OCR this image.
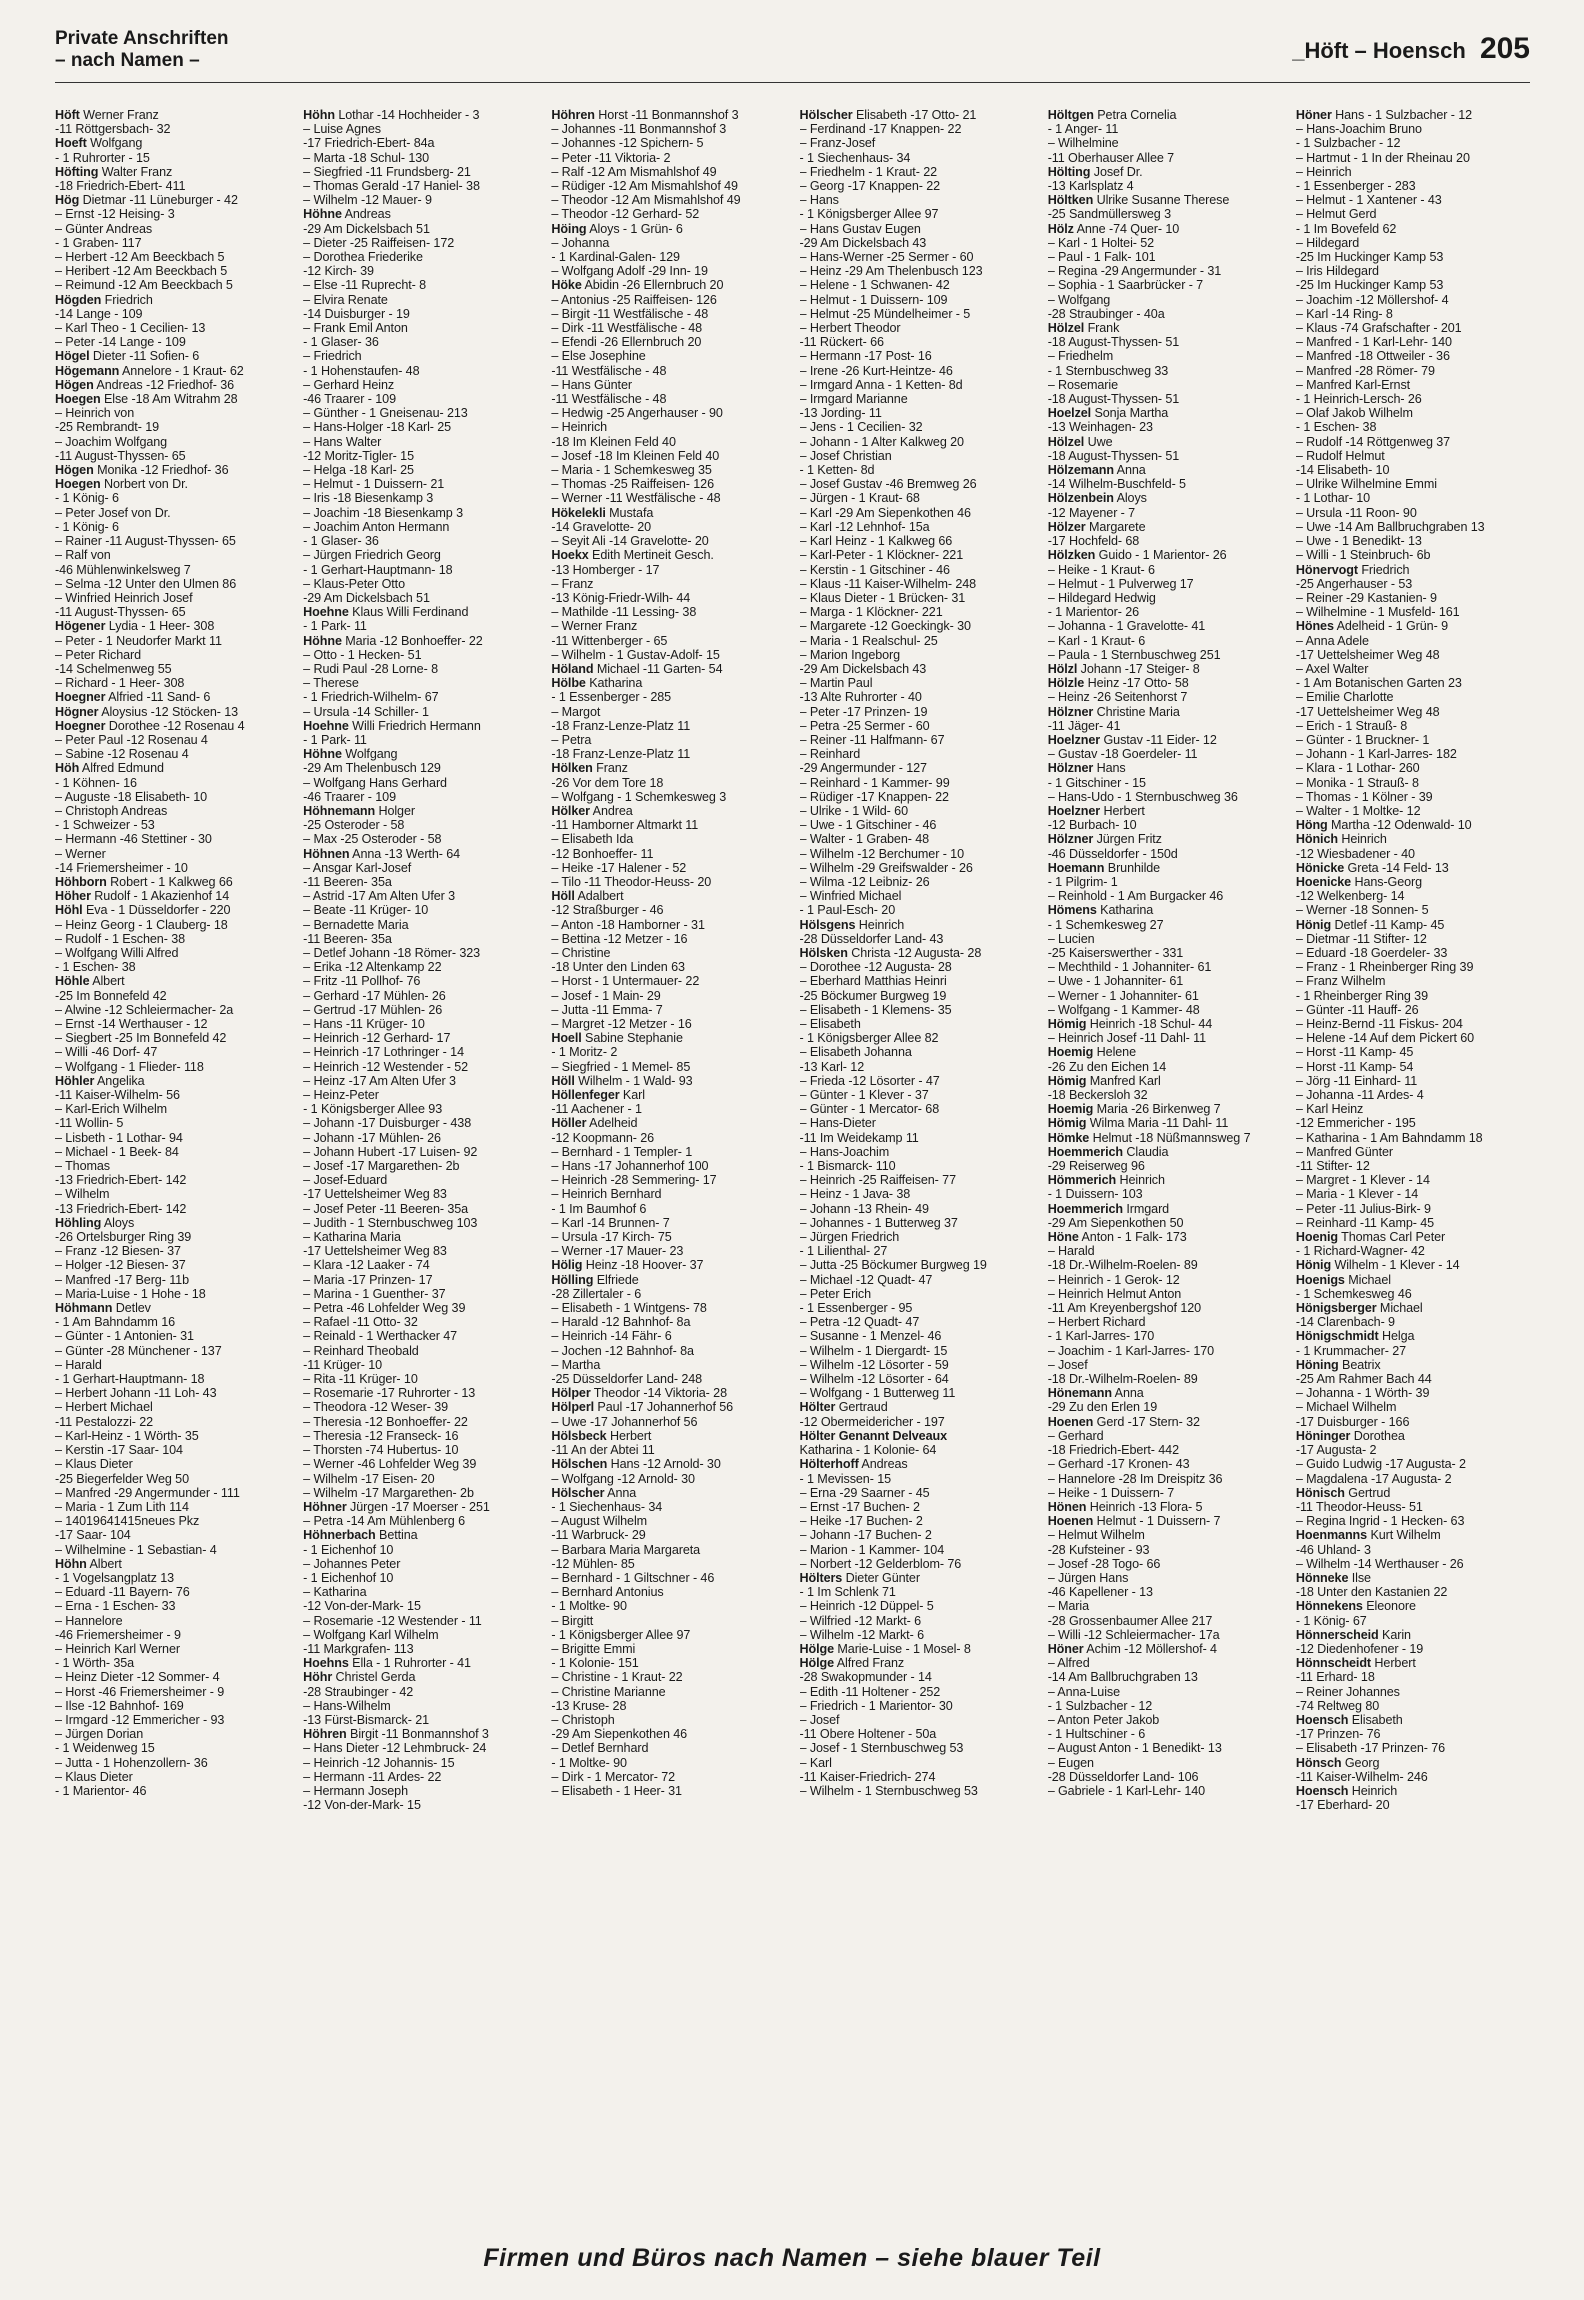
Private Anschriften
– nach Namen –	_Höft – Hoensch 205
Höft Werner Franz
-11 Röttgersbach- 32
Hoeft Wolfgang
- 1 Ruhrorter - 15
Höfting Walter Franz
-18 Friedrich-Ebert- 411
Hög Dietmar -11 Lüneburger - 42
– Ernst -12 Heising- 3
– Günter Andreas
- 1 Graben- 117
– Herbert -12 Am Beeckbach 5
– Heribert -12 Am Beeckbach 5
– Reimund -12 Am Beeckbach 5
Högden Friedrich
-14 Lange - 109
– Karl Theo - 1 Cecilien- 13
– Peter -14 Lange - 109
Högel Dieter -11 Sofien- 6
Högemann Annelore - 1 Kraut- 62
Högen Andreas -12 Friedhof- 36
Hoegen Else -18 Am Witrahm 28
– Heinrich von
-25 Rembrandt- 19
– Joachim Wolfgang
-11 August-Thyssen- 65
Högen Monika -12 Friedhof- 36
Hoegen Norbert von Dr.
- 1 König- 6
– Peter Josef von Dr.
- 1 König- 6
– Rainer -11 August-Thyssen- 65
– Ralf von
-46 Mühlenwinkelsweg 7
– Selma -12 Unter den Ulmen 86
– Winfried Heinrich Josef
-11 August-Thyssen- 65
Högener Lydia - 1 Heer- 308
– Peter - 1 Neudorfer Markt 11
– Peter Richard
-14 Schelmenweg 55
– Richard - 1 Heer- 308
Hoegner Alfried -11 Sand- 6
Högner Aloysius -12 Stöcken- 13
Hoegner Dorothee -12 Rosenau 4
– Peter Paul -12 Rosenau 4
– Sabine -12 Rosenau 4
Höh Alfred Edmund
- 1 Köhnen- 16
– Auguste -18 Elisabeth- 10
– Christoph Andreas
- 1 Schweizer - 53
– Hermann -46 Stettiner - 30
– Werner
-14 Friemersheimer - 10
Höhborn Robert - 1 Kalkweg 66
Höher Rudolf - 1 Akazienhof 14
Höhl Eva - 1 Düsseldorfer - 220
– Heinz Georg - 1 Clauberg- 18
– Rudolf - 1 Eschen- 38
– Wolfgang Willi Alfred
- 1 Eschen- 38
Höhle Albert
-25 Im Bonnefeld 42
– Alwine -12 Schleiermacher- 2a
– Ernst -14 Werthauser - 12
– Siegbert -25 Im Bonnefeld 42
– Willi -46 Dorf- 47
– Wolfgang - 1 Flieder- 118
Höhler Angelika
-11 Kaiser-Wilhelm- 56
– Karl-Erich Wilhelm
-11 Wollin- 5
– Lisbeth - 1 Lothar- 94
– Michael - 1 Beek- 84
– Thomas
-13 Friedrich-Ebert- 142
– Wilhelm
-13 Friedrich-Ebert- 142
Höhling Aloys
-26 Ortelsburger Ring 39
– Franz -12 Biesen- 37
– Holger -12 Biesen- 37
– Manfred -17 Berg- 11b
– Maria-Luise - 1 Hohe - 18
Höhmann Detlev
- 1 Am Bahndamm 16
– Günter - 1 Antonien- 31
– Günter -28 Münchener - 137
– Harald
- 1 Gerhart-Hauptmann- 18
– Herbert Johann -11 Loh- 43
– Herbert Michael
-11 Pestalozzi- 22
– Karl-Heinz - 1 Wörth- 35
– Kerstin -17 Saar- 104
– Klaus Dieter
-25 Biegerfelder Weg 50
– Manfred -29 Angermunder - 111
– Maria - 1 Zum Lith 114
– 14019641415neues Pkz
-17 Saar- 104
– Wilhelmine - 1 Sebastian- 4
Höhn Albert
- 1 Vogelsangplatz 13
– Eduard -11 Bayern- 76
– Erna - 1 Eschen- 33
– Hannelore
-46 Friemersheimer - 9
– Heinrich Karl Werner
- 1 Wörth- 35a
– Heinz Dieter -12 Sommer- 4
– Horst -46 Friemersheimer - 9
– Ilse -12 Bahnhof- 169
– Irmgard -12 Emmericher - 93
– Jürgen Dorian
- 1 Weidenweg 15
– Jutta - 1 Hohenzollern- 36
– Klaus Dieter
- 1 Marientor- 46
Höhn Lothar -14 Hochheider - 3
– Luise Agnes
-17 Friedrich-Ebert- 84a
– Marta -18 Schul- 130
– Siegfried -11 Frundsberg- 21
– Thomas Gerald -17 Haniel- 38
– Wilhelm -12 Mauer- 9
Höhne Andreas
-29 Am Dickelsbach 51
– Dieter -25 Raiffeisen- 172
– Dorothea Friederike
-12 Kirch- 39
– Else -11 Ruprecht- 8
– Elvira Renate
-14 Duisburger - 19
– Frank Emil Anton
- 1 Glaser- 36
– Friedrich
- 1 Hohenstaufen- 48
– Gerhard Heinz
-46 Traarer - 109
– Günther - 1 Gneisenau- 213
– Hans-Holger -18 Karl- 25
– Hans Walter
-12 Moritz-Tigler- 15
– Helga -18 Karl- 25
– Helmut - 1 Duissern- 21
– Iris -18 Biesenkamp 3
– Joachim -18 Biesenkamp 3
– Joachim Anton Hermann
- 1 Glaser- 36
– Jürgen Friedrich Georg
- 1 Gerhart-Hauptmann- 18
– Klaus-Peter Otto
-29 Am Dickelsbach 51
Hoehne Klaus Willi Ferdinand
- 1 Park- 11
Höhne Maria -12 Bonhoeffer- 22
– Otto - 1 Hecken- 51
– Rudi Paul -28 Lorne- 8
– Therese
- 1 Friedrich-Wilhelm- 67
– Ursula -14 Schiller- 1
Hoehne Willi Friedrich Hermann
- 1 Park- 11
Höhne Wolfgang
-29 Am Thelenbusch 129
– Wolfgang Hans Gerhard
-46 Traarer - 109
Höhnemann Holger
-25 Osteroder - 58
– Max -25 Osteroder - 58
Höhnen Anna -13 Werth- 64
– Ansgar Karl-Josef
-11 Beeren- 35a
– Astrid -17 Am Alten Ufer 3
– Beate -11 Krüger- 10
– Bernadette Maria
-11 Beeren- 35a
– Detlef Johann -18 Römer- 323
– Erika -12 Altenkamp 22
– Fritz -11 Pollhof- 76
– Gerhard -17 Mühlen- 26
– Gertrud -17 Mühlen- 26
– Hans -11 Krüger- 10
– Heinrich -12 Gerhard- 17
– Heinrich -17 Lothringer - 14
– Heinrich -12 Westender - 52
– Heinz -17 Am Alten Ufer 3
– Heinz-Peter
- 1 Königsberger Allee 93
– Johann -17 Duisburger - 438
– Johann -17 Mühlen- 26
– Johann Hubert -17 Luisen- 92
– Josef -17 Margarethen- 2b
– Josef-Eduard
-17 Uettelsheimer Weg 83
– Josef Peter -11 Beeren- 35a
– Judith - 1 Sternbuschweg 103
– Katharina Maria
-17 Uettelsheimer Weg 83
– Klara -12 Laaker - 74
– Maria -17 Prinzen- 17
– Marina - 1 Guenther- 37
– Petra -46 Lohfelder Weg 39
– Rafael -11 Otto- 32
– Reinald - 1 Werthacker 47
– Reinhard Theobald
-11 Krüger- 10
– Rita -11 Krüger- 10
– Rosemarie -17 Ruhrorter - 13
– Theodora -12 Weser- 39
– Theresia -12 Bonhoeffer- 22
– Theresia -12 Franseck- 16
– Thorsten -74 Hubertus- 10
– Werner -46 Lohfelder Weg 39
– Wilhelm -17 Eisen- 20
– Wilhelm -17 Margarethen- 2b
Höhner Jürgen -17 Moerser - 251
– Petra -14 Am Mühlenberg 6
Höhnerbach Bettina
- 1 Eichenhof 10
– Johannes Peter
- 1 Eichenhof 10
– Katharina
-12 Von-der-Mark- 15
– Rosemarie -12 Westender - 11
– Wolfgang Karl Wilhelm
-11 Markgrafen- 113
Hoehns Ella - 1 Ruhrorter - 41
Höhr Christel Gerda
-28 Straubinger - 42
– Hans-Wilhelm
-13 Fürst-Bismarck- 21
Höhren Birgit -11 Bonmannshof 3
– Hans Dieter -12 Lehmbruck- 24
– Heinrich -12 Johannis- 15
– Hermann -11 Ardes- 22
– Hermann Joseph
-12 Von-der-Mark- 15
Höhren Horst -11 Bonmannshof 3
– Johannes -11 Bonmannshof 3
– Johannes -12 Spichern- 5
– Peter -11 Viktoria- 2
– Ralf -12 Am Mismahlshof 49
– Rüdiger -12 Am Mismahlshof 49
– Theodor -12 Am Mismahlshof 49
– Theodor -12 Gerhard- 52
Höing Aloys - 1 Grün- 6
– Johanna
- 1 Kardinal-Galen- 129
– Wolfgang Adolf -29 Inn- 19
Höke Abidin -26 Ellernbruch 20
– Antonius -25 Raiffeisen- 126
– Birgit -11 Westfälische - 48
– Dirk -11 Westfälische - 48
– Efendi -26 Ellernbruch 20
– Else Josephine
-11 Westfälische - 48
– Hans Günter
-11 Westfälische - 48
– Hedwig -25 Angerhauser - 90
– Heinrich
-18 Im Kleinen Feld 40
– Josef -18 Im Kleinen Feld 40
– Maria - 1 Schemkesweg 35
– Thomas -25 Raiffeisen- 126
– Werner -11 Westfälische - 48
Hökelekli Mustafa
-14 Gravelotte- 20
– Seyit Ali -14 Gravelotte- 20
Hoekx Edith Mertineit Gesch.
-13 Homberger - 17
– Franz
-13 König-Friedr-Wilh- 44
– Mathilde -11 Lessing- 38
– Werner Franz
-11 Wittenberger - 65
– Wilhelm - 1 Gustav-Adolf- 15
Höland Michael -11 Garten- 54
Hölbe Katharina
- 1 Essenberger - 285
– Margot
-18 Franz-Lenze-Platz 11
– Petra
-18 Franz-Lenze-Platz 11
Hölken Franz
-26 Vor dem Tore 18
– Wolfgang - 1 Schemkesweg 3
Hölker Andrea
-11 Hamborner Altmarkt 11
– Elisabeth Ida
-12 Bonhoeffer- 11
– Heike -17 Halener - 52
– Tilo -11 Theodor-Heuss- 20
Höll Adalbert
-12 Straßburger - 46
– Anton -18 Hamborner - 31
– Bettina -12 Metzer - 16
– Christine
-18 Unter den Linden 63
– Horst - 1 Untermauer- 22
– Josef - 1 Main- 29
– Jutta -11 Emma- 7
– Margret -12 Metzer - 16
Hoell Sabine Stephanie
- 1 Moritz- 2
– Siegfried - 1 Memel- 85
Höll Wilhelm - 1 Wald- 93
Höllenfeger Karl
-11 Aachener - 1
Höller Adelheid
-12 Koopmann- 26
– Bernhard - 1 Templer- 1
– Hans -17 Johannerhof 100
– Heinrich -28 Semmering- 17
– Heinrich Bernhard
- 1 Im Baumhof 6
– Karl -14 Brunnen- 7
– Ursula -17 Kirch- 75
– Werner -17 Mauer- 23
Hölig Heinz -18 Hoover- 37
Hölling Elfriede
-28 Zillertaler - 6
– Elisabeth - 1 Wintgens- 78
– Harald -12 Bahnhof- 8a
– Heinrich -14 Fähr- 6
– Jochen -12 Bahnhof- 8a
– Martha
-25 Düsseldorfer Land- 248
Hölper Theodor -14 Viktoria- 28
Hölperl Paul -17 Johannerhof 56
– Uwe -17 Johannerhof 56
Hölsbeck Herbert
-11 An der Abtei 11
Hölschen Hans -12 Arnold- 30
– Wolfgang -12 Arnold- 30
Hölscher Anna
- 1 Siechenhaus- 34
– August Wilhelm
-11 Warbruck- 29
– Barbara Maria Margareta
-12 Mühlen- 85
– Bernhard - 1 Giltschner - 46
– Bernhard Antonius
- 1 Moltke- 90
– Birgitt
- 1 Königsberger Allee 97
– Brigitte Emmi
- 1 Kolonie- 151
– Christine - 1 Kraut- 22
– Christine Marianne
-13 Kruse- 28
– Christoph
-29 Am Siepenkothen 46
– Detlef Bernhard
- 1 Moltke- 90
– Dirk - 1 Mercator- 72
– Elisabeth - 1 Heer- 31
Hölscher Elisabeth -17 Otto- 21
– Ferdinand -17 Knappen- 22
– Franz-Josef
- 1 Siechenhaus- 34
– Friedhelm - 1 Kraut- 22
– Georg -17 Knappen- 22
– Hans
- 1 Königsberger Allee 97
– Hans Gustav Eugen
-29 Am Dickelsbach 43
– Hans-Werner -25 Sermer - 60
– Heinz -29 Am Thelenbusch 123
– Helene - 1 Schwanen- 42
– Helmut - 1 Duissern- 109
– Helmut -25 Mündelheimer - 5
– Herbert Theodor
-11 Rückert- 66
– Hermann -17 Post- 16
– Irene -26 Kurt-Heintze- 46
– Irmgard Anna - 1 Ketten- 8d
– Irmgard Marianne
-13 Jording- 11
– Jens - 1 Cecilien- 32
– Johann - 1 Alter Kalkweg 20
– Josef Christian
- 1 Ketten- 8d
– Josef Gustav -46 Bremweg 26
– Jürgen - 1 Kraut- 68
– Karl -29 Am Siepenkothen 46
– Karl -12 Lehnhof- 15a
– Karl Heinz - 1 Kalkweg 66
– Karl-Peter - 1 Klöckner- 221
– Kerstin - 1 Gitschiner - 46
– Klaus -11 Kaiser-Wilhelm- 248
– Klaus Dieter - 1 Brücken- 31
– Marga - 1 Klöckner- 221
– Margarete -12 Goeckingk- 30
– Maria - 1 Realschul- 25
– Marion Ingeborg
-29 Am Dickelsbach 43
– Martin Paul
-13 Alte Ruhrorter - 40
– Peter -17 Prinzen- 19
– Petra -25 Sermer - 60
– Reiner -11 Halfmann- 67
– Reinhard
-29 Angermunder - 127
– Reinhard - 1 Kammer- 99
– Rüdiger -17 Knappen- 22
– Ulrike - 1 Wild- 60
– Uwe - 1 Gitschiner - 46
– Walter - 1 Graben- 48
– Wilhelm -12 Berchumer - 10
– Wilhelm -29 Greifswalder - 26
– Wilma -12 Leibniz- 26
– Winfried Michael
- 1 Paul-Esch- 20
Hölsgens Heinrich
-28 Düsseldorfer Land- 43
Hölsken Christa -12 Augusta- 28
– Dorothee -12 Augusta- 28
– Eberhard Matthias Heinri
-25 Böckumer Burgweg 19
– Elisabeth - 1 Klemens- 35
– Elisabeth
- 1 Königsberger Allee 82
– Elisabeth Johanna
-13 Karl- 12
– Frieda -12 Lösorter - 47
– Günter - 1 Klever - 37
– Günter - 1 Mercator- 68
– Hans-Dieter
-11 Im Weidekamp 11
– Hans-Joachim
- 1 Bismarck- 110
– Heinrich -25 Raiffeisen- 77
– Heinz - 1 Java- 38
– Johann -13 Rhein- 49
– Johannes - 1 Butterweg 37
– Jürgen Friedrich
- 1 Lilienthal- 27
– Jutta -25 Böckumer Burgweg 19
– Michael -12 Quadt- 47
– Peter Erich
- 1 Essenberger - 95
– Petra -12 Quadt- 47
– Susanne - 1 Menzel- 46
– Wilhelm - 1 Diergardt- 15
– Wilhelm -12 Lösorter - 59
– Wilhelm -12 Lösorter - 64
– Wolfgang - 1 Butterweg 11
Hölter Gertraud
-12 Obermeidericher - 197
Hölter Genannt Delveaux
Katharina - 1 Kolonie- 64
Hölterhoff Andreas
- 1 Mevissen- 15
– Erna -29 Saarner - 45
– Ernst -17 Buchen- 2
– Heike -17 Buchen- 2
– Johann -17 Buchen- 2
– Marion - 1 Kammer- 104
– Norbert -12 Gelderblom- 76
Hölters Dieter Günter
- 1 Im Schlenk 71
– Heinrich -12 Düppel- 5
– Wilfried -12 Markt- 6
– Wilhelm -12 Markt- 6
Hölge Marie-Luise - 1 Mosel- 8
Hölge Alfred Franz
-28 Swakopmunder - 14
– Edith -11 Holtener - 252
– Friedrich - 1 Marientor- 30
– Josef
-11 Obere Holtener - 50a
– Josef - 1 Sternbuschweg 53
– Karl
-11 Kaiser-Friedrich- 274
– Wilhelm - 1 Sternbuschweg 53
Höltgen Petra Cornelia
- 1 Anger- 11
– Wilhelmine
-11 Oberhauser Allee 7
Hölting Josef Dr.
-13 Karlsplatz 4
Höltken Ulrike Susanne Therese
-25 Sandmüllersweg 3
Hölz Anne -74 Quer- 10
– Karl - 1 Holtei- 52
– Paul - 1 Falk- 101
– Regina -29 Angermunder - 31
– Sophia - 1 Saarbrücker - 7
– Wolfgang
-28 Straubinger - 40a
Hölzel Frank
-18 August-Thyssen- 51
– Friedhelm
- 1 Sternbuschweg 33
– Rosemarie
-18 August-Thyssen- 51
Hoelzel Sonja Martha
-13 Weinhagen- 23
Hölzel Uwe
-18 August-Thyssen- 51
Hölzemann Anna
-14 Wilhelm-Buschfeld- 5
Hölzenbein Aloys
-12 Mayener - 7
Hölzer Margarete
-17 Hochfeld- 68
Hölzken Guido - 1 Marientor- 26
– Heike - 1 Kraut- 6
– Helmut - 1 Pulverweg 17
– Hildegard Hedwig
- 1 Marientor- 26
– Johanna - 1 Gravelotte- 41
– Karl - 1 Kraut- 6
– Paula - 1 Sternbuschweg 251
Hölzl Johann -17 Steiger- 8
Hölzle Heinz -17 Otto- 58
– Heinz -26 Seitenhorst 7
Hölzner Christine Maria
-11 Jäger- 41
Hoelzner Gustav -11 Eider- 12
– Gustav -18 Goerdeler- 11
Hölzner Hans
- 1 Gitschiner - 15
– Hans-Udo - 1 Sternbuschweg 36
Hoelzner Herbert
-12 Burbach- 10
Hölzner Jürgen Fritz
-46 Düsseldorfer - 150d
Hoemann Brunhilde
- 1 Pilgrim- 1
– Reinhold - 1 Am Burgacker 46
Hömens Katharina
- 1 Schemkesweg 27
– Lucien
-25 Kaiserswerther - 331
– Mechthild - 1 Johanniter- 61
– Uwe - 1 Johanniter- 61
– Werner - 1 Johanniter- 61
– Wolfgang - 1 Kammer- 48
Hömig Heinrich -18 Schul- 44
– Heinrich Josef -11 Dahl- 11
Hoemig Helene
-26 Zu den Eichen 14
Hömig Manfred Karl
-18 Beckersloh 32
Hoemig Maria -26 Birkenweg 7
Hömig Wilma Maria -11 Dahl- 11
Hömke Helmut -18 Nüßmannsweg 7
Hoemmerich Claudia
-29 Reiserweg 96
Hömmerich Heinrich
- 1 Duissern- 103
Hoemmerich Irmgard
-29 Am Siepenkothen 50
Höne Anton - 1 Falk- 173
– Harald
-18 Dr.-Wilhelm-Roelen- 89
– Heinrich - 1 Gerok- 12
– Heinrich Helmut Anton
-11 Am Kreyenbergshof 120
– Herbert Richard
- 1 Karl-Jarres- 170
– Joachim - 1 Karl-Jarres- 170
– Josef
-18 Dr.-Wilhelm-Roelen- 89
Hönemann Anna
-29 Zu den Erlen 19
Hoenen Gerd -17 Stern- 32
– Gerhard
-18 Friedrich-Ebert- 442
– Gerhard -17 Kronen- 43
– Hannelore -28 Im Dreispitz 36
– Heike - 1 Duissern- 7
Hönen Heinrich -13 Flora- 5
Hoenen Helmut - 1 Duissern- 7
– Helmut Wilhelm
-28 Kufsteiner - 93
– Josef -28 Togo- 66
– Jürgen Hans
-46 Kapellener - 13
– Maria
-28 Grossenbaumer Allee 217
– Willi -12 Schleiermacher- 17a
Höner Achim -12 Möllershof- 4
– Alfred
-14 Am Ballbruchgraben 13
– Anna-Luise
- 1 Sulzbacher - 12
– Anton Peter Jakob
- 1 Hultschiner - 6
– August Anton - 1 Benedikt- 13
– Eugen
-28 Düsseldorfer Land- 106
– Gabriele - 1 Karl-Lehr- 140
Höner Hans - 1 Sulzbacher - 12
– Hans-Joachim Bruno
- 1 Sulzbacher - 12
– Hartmut - 1 In der Rheinau 20
– Heinrich
- 1 Essenberger - 283
– Helmut - 1 Xantener - 43
– Helmut Gerd
- 1 Im Bovefeld 62
– Hildegard
-25 Im Huckinger Kamp 53
– Iris Hildegard
-25 Im Huckinger Kamp 53
– Joachim -12 Möllershof- 4
– Karl -14 Ring- 8
– Klaus -74 Grafschafter - 201
– Manfred - 1 Karl-Lehr- 140
– Manfred -18 Ottweiler - 36
– Manfred -28 Römer- 79
– Manfred Karl-Ernst
- 1 Heinrich-Lersch- 26
– Olaf Jakob Wilhelm
- 1 Eschen- 38
– Rudolf -14 Röttgenweg 37
– Rudolf Helmut
-14 Elisabeth- 10
– Ulrike Wilhelmine Emmi
- 1 Lothar- 10
– Ursula -11 Roon- 90
– Uwe -14 Am Ballbruchgraben 13
– Uwe - 1 Benedikt- 13
– Willi - 1 Steinbruch- 6b
Hönervogt Friedrich
-25 Angerhauser - 53
– Reiner -29 Kastanien- 9
– Wilhelmine - 1 Musfeld- 161
Hönes Adelheid - 1 Grün- 9
– Anna Adele
-17 Uettelsheimer Weg 48
– Axel Walter
- 1 Am Botanischen Garten 23
– Emilie Charlotte
-17 Uettelsheimer Weg 48
– Erich - 1 Strauß- 8
– Günter - 1 Bruckner- 1
– Johann - 1 Karl-Jarres- 182
– Klara - 1 Lothar- 260
– Monika - 1 Strauß- 8
– Thomas - 1 Kölner - 39
– Walter - 1 Moltke- 12
Höng Martha -12 Odenwald- 10
Hönich Heinrich
-12 Wiesbadener - 40
Hönicke Greta -14 Feld- 13
Hoenicke Hans-Georg
-12 Welkenberg- 14
– Werner -18 Sonnen- 5
Hönig Detlef -11 Kamp- 45
– Dietmar -11 Stifter- 12
– Eduard -18 Goerdeler- 33
– Franz - 1 Rheinberger Ring 39
– Franz Wilhelm
- 1 Rheinberger Ring 39
– Günter -11 Hauff- 26
– Heinz-Bernd -11 Fiskus- 204
– Helene -14 Auf dem Pickert 60
– Horst -11 Kamp- 45
– Horst -11 Kamp- 54
– Jörg -11 Einhard- 11
– Johanna -11 Ardes- 4
– Karl Heinz
-12 Emmericher - 195
– Katharina - 1 Am Bahndamm 18
– Manfred Günter
-11 Stifter- 12
– Margret - 1 Klever - 14
– Maria - 1 Klever - 14
– Peter -11 Julius-Birk- 9
– Reinhard -11 Kamp- 45
Hoenig Thomas Carl Peter
- 1 Richard-Wagner- 42
Hönig Wilhelm - 1 Klever - 14
Hoenigs Michael
- 1 Schemkesweg 46
Hönigsberger Michael
-14 Clarenbach- 9
Hönigschmidt Helga
- 1 Krummacher- 27
Höning Beatrix
-25 Am Rahmer Bach 44
– Johanna - 1 Wörth- 39
– Michael Wilhelm
-17 Duisburger - 166
Höninger Dorothea
-17 Augusta- 2
– Guido Ludwig -17 Augusta- 2
– Magdalena -17 Augusta- 2
Hönisch Gertrud
-11 Theodor-Heuss- 51
– Regina Ingrid - 1 Hecken- 63
Hoenmanns Kurt Wilhelm
-46 Uhland- 3
– Wilhelm -14 Werthauser - 26
Hönneke Ilse
-18 Unter den Kastanien 22
Hönnekens Eleonore
- 1 König- 67
Hönnerscheid Karin
-12 Diedenhofener - 19
Hönnscheidt Herbert
-11 Erhard- 18
– Reiner Johannes
-74 Reltweg 80
Hoensch Elisabeth
-17 Prinzen- 76
– Elisabeth -17 Prinzen- 76
Hönsch Georg
-11 Kaiser-Wilhelm- 246
Hoensch Heinrich
-17 Eberhard- 20
Firmen und Büros nach Namen – siehe blauer Teil
